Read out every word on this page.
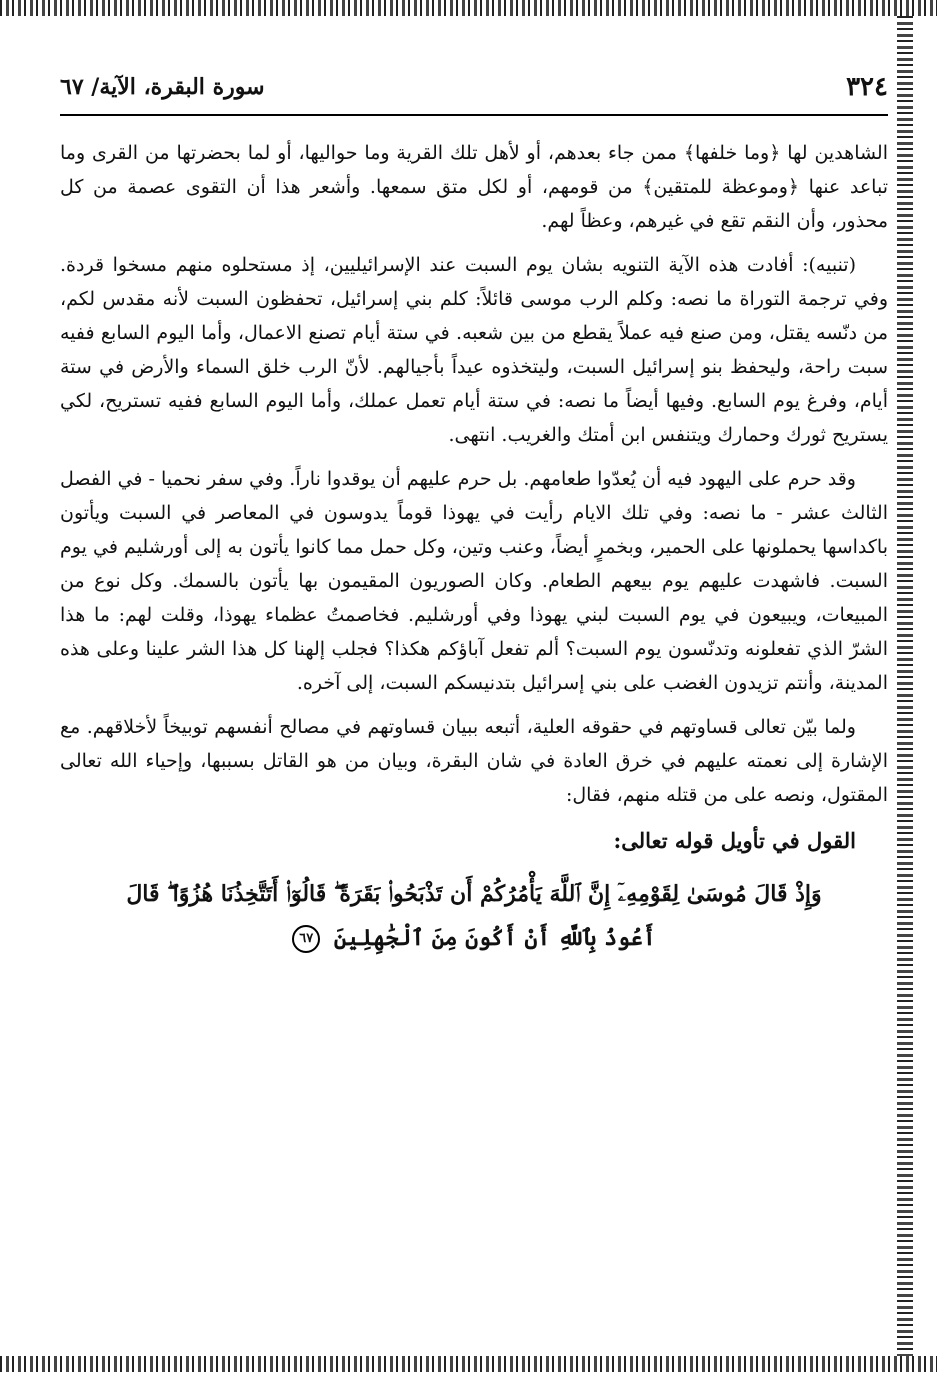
٣٢٤
سورة البقرة، الآية/ ٦٧

الشاهدين لها ﴿وما خلفها﴾ ممن جاء بعدهم، أو لأهل تلك القرية وما حواليها، أو لما بحضرتها من القرى وما تباعد عنها ﴿وموعظة للمتقين﴾ من قومهم، أو لكل متق سمعها. وأشعر هذا أن التقوى عصمة من كل محذور، وأن النقم تقع في غيرهم، وعظاً لهم.

(تنبيه): أفادت هذه الآية التنويه بشان يوم السبت عند الإسرائيليين، إذ مستحلوه منهم مسخوا قردة. وفي ترجمة التوراة ما نصه: وكلم الرب موسى قائلاً: كلم بني إسرائيل، تحفظون السبت لأنه مقدس لكم، من دنّسه يقتل، ومن صنع فيه عملاً يقطع من بين شعبه. في ستة أيام تصنع الاعمال، وأما اليوم السابع ففيه سبت راحة، وليحفظ بنو إسرائيل السبت، وليتخذوه عيداً بأجيالهم. لأنّ الرب خلق السماء والأرض في ستة أيام، وفرغ يوم السابع. وفيها أيضاً ما نصه: في ستة أيام تعمل عملك، وأما اليوم السابع ففيه تستريح، لكي يستريح ثورك وحمارك ويتنفس ابن أمتك والغريب. انتهى.

وقد حرم على اليهود فيه أن يُعدّوا طعامهم. بل حرم عليهم أن يوقدوا ناراً. وفي سفر نحميا - في الفصل الثالث عشر - ما نصه: وفي تلك الايام رأيت في يهوذا قوماً يدوسون في المعاصر في السبت ويأتون باكداسها يحملونها على الحمير، وبخمرٍ أيضاً، وعنب وتين، وكل حمل مما كانوا يأتون به إلى أورشليم في يوم السبت. فاشهدت عليهم يوم بيعهم الطعام. وكان الصوريون المقيمون بها يأتون بالسمك. وكل نوع من المبيعات، ويبيعون في يوم السبت لبني يهوذا وفي أورشليم. فخاصمتُ عظماء يهوذا، وقلت لهم: ما هذا الشرّ الذي تفعلونه وتدنّسون يوم السبت؟ ألم تفعل آباؤكم هكذا؟ فجلب إلهنا كل هذا الشر علينا وعلى هذه المدينة، وأنتم تزيدون الغضب على بني إسرائيل بتدنيسكم السبت، إلى آخره.

ولما بيّن تعالى قساوتهم في حقوقه العلية، أتبعه ببيان قساوتهم في مصالح أنفسهم توبيخاً لأخلاقهم. مع الإشارة إلى نعمته عليهم في خرق العادة في شان البقرة، وبيان من هو القاتل بسببها، وإحياء الله تعالى المقتول، ونصه على من قتله منهم، فقال:

القول في تأويل قوله تعالى:
وَإِذْ قَالَ مُوسَىٰ لِقَوْمِهِۦٓ إِنَّ ٱللَّهَ يَأْمُرُكُمْ أَن تَذْبَحُوا۟ بَقَرَةً ۖ قَالُوٓا۟ أَتَتَّخِذُنَا هُزُوًا ۖ قَالَ
أَعُوذُ بِٱللَّهِ أَنْ أَكُونَ مِنَ ٱلْجَٰهِلِينَ ٦٧
